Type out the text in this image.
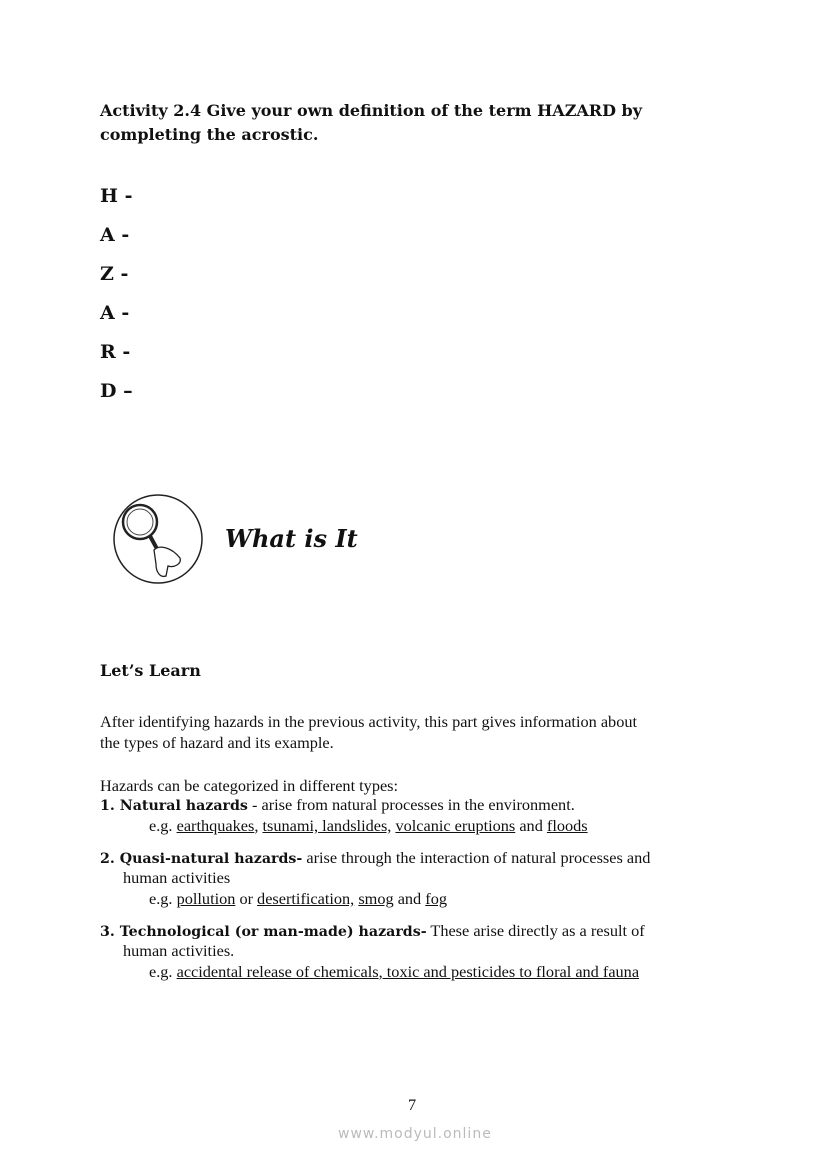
Activity 2.4 Give your own definition of the term HAZARD by
completing the acrostic.
H -
A -
Z -
A -
R -
D –
What is It
Let’s Learn
After identifying hazards in the previous activity, this part gives information about
the types of hazard and its example.
Hazards can be categorized in different types:
1. Natural hazards - arise from natural processes in the environment.
e.g. earthquakes, tsunami, landslides, volcanic eruptions and floods
2. Quasi-natural hazards- arise through the interaction of natural processes and
human activities
e.g. pollution or desertification, smog and fog
3. Technological (or man-made) hazards- These arise directly as a result of
human activities.
e.g. accidental release of chemicals, toxic and pesticides to floral and fauna
7
www.modyul.online
